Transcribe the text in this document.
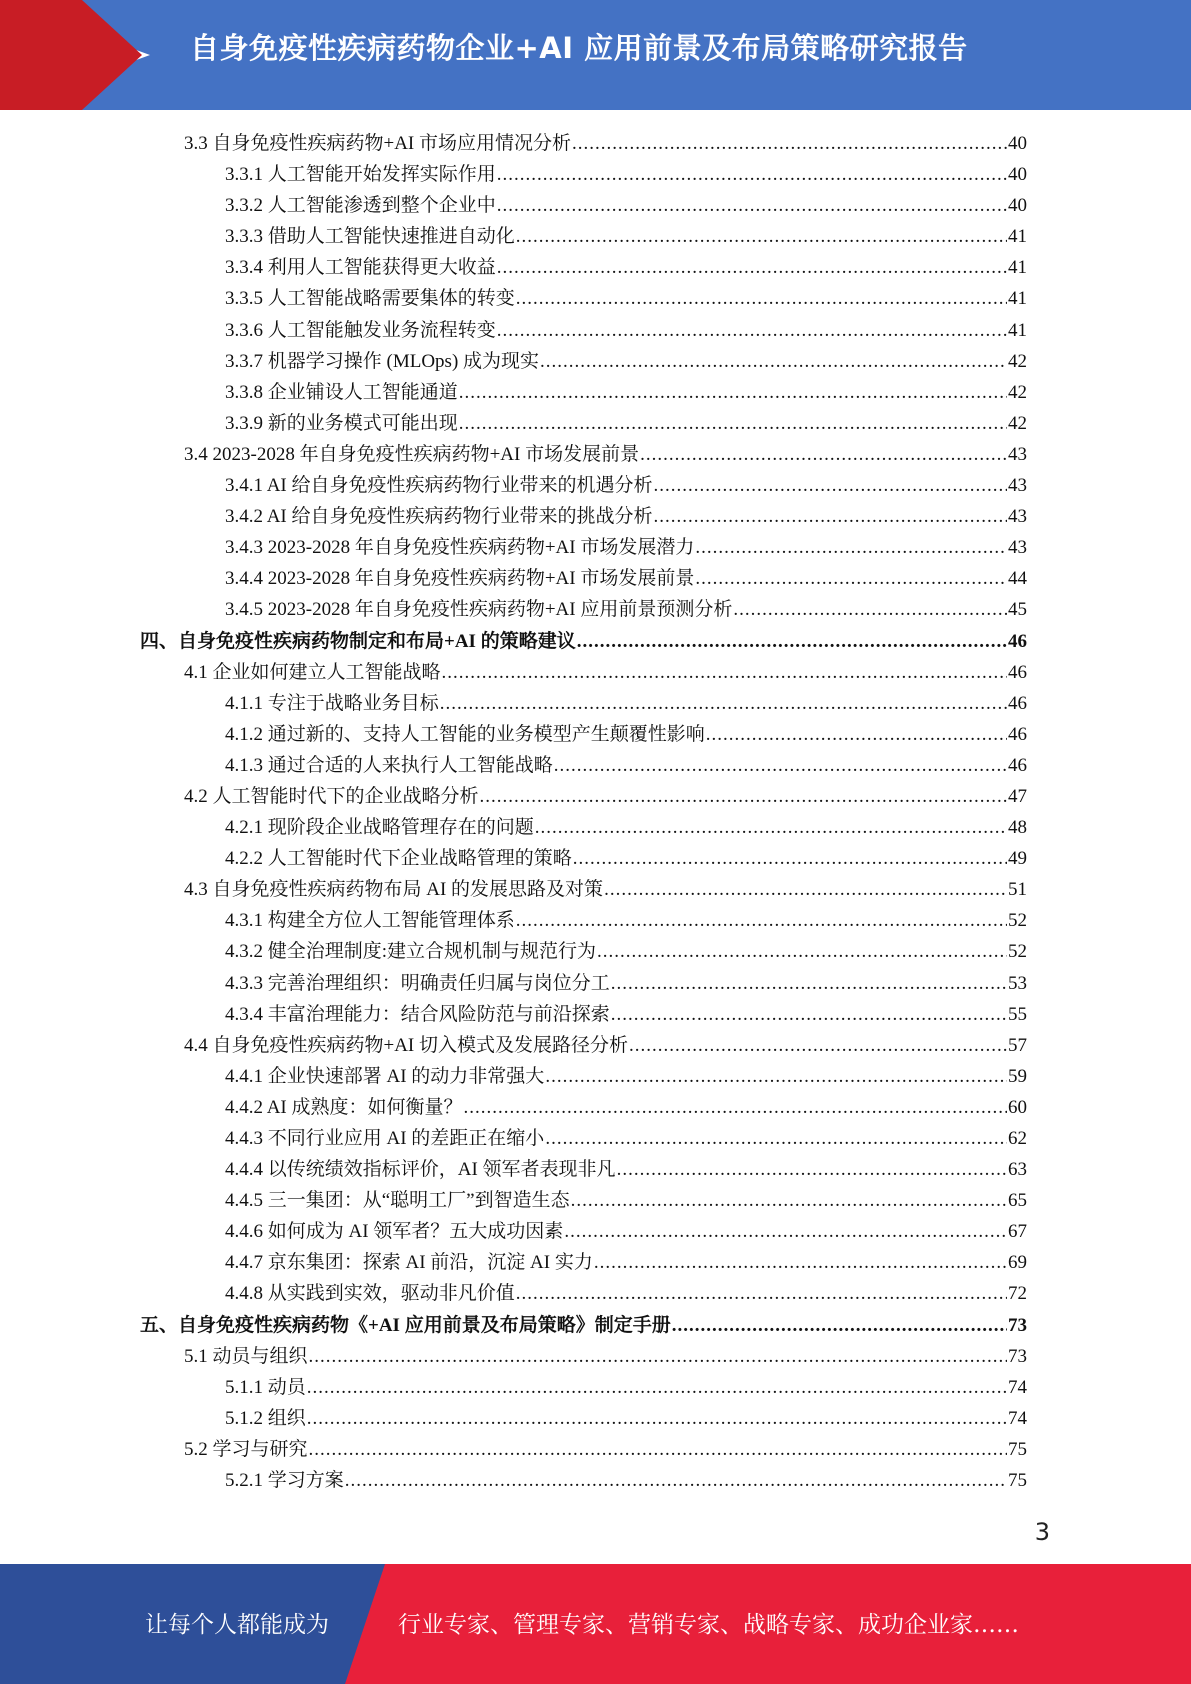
自身免疫性疾病药物企业+AI 应用前景及布局策略研究报告
3.3 自身免疫性疾病药物+AI 市场应用情况分析 .....	40
3.3.1 人工智能开始发挥实际作用 .....	40
3.3.2 人工智能渗透到整个企业中 .....	40
3.3.3 借助人工智能快速推进自动化 .....	41
3.3.4 利用人工智能获得更大收益 .....	41
3.3.5 人工智能战略需要集体的转变 .....	41
3.3.6 人工智能触发业务流程转变 .....	41
3.3.7 机器学习操作 (MLOps) 成为现实 .....	42
3.3.8 企业铺设人工智能通道 .....	42
3.3.9 新的业务模式可能出现 .....	42
3.4 2023-2028 年自身免疫性疾病药物+AI 市场发展前景 .....	43
3.4.1 AI 给自身免疫性疾病药物行业带来的机遇分析 .....	43
3.4.2 AI 给自身免疫性疾病药物行业带来的挑战分析 .....	43
3.4.3 2023-2028 年自身免疫性疾病药物+AI 市场发展潜力 .....	43
3.4.4 2023-2028 年自身免疫性疾病药物+AI 市场发展前景 .....	44
3.4.5 2023-2028 年自身免疫性疾病药物+AI 应用前景预测分析 .....	45
四、自身免疫性疾病药物制定和布局+AI 的策略建议 .....	46
4.1 企业如何建立人工智能战略 .....	46
4.1.1 专注于战略业务目标 .....	46
4.1.2 通过新的、支持人工智能的业务模型产生颠覆性影响 .....	46
4.1.3 通过合适的人来执行人工智能战略 .....	46
4.2 人工智能时代下的企业战略分析 .....	47
4.2.1 现阶段企业战略管理存在的问题 .....	48
4.2.2 人工智能时代下企业战略管理的策略 .....	49
4.3 自身免疫性疾病药物布局 AI 的发展思路及对策 .....	51
4.3.1 构建全方位人工智能管理体系 .....	52
4.3.2 健全治理制度:建立合规机制与规范行为 .....	52
4.3.3 完善治理组织：明确责任归属与岗位分工 .....	53
4.3.4 丰富治理能力：结合风险防范与前沿探索 .....	55
4.4 自身免疫性疾病药物+AI 切入模式及发展路径分析 .....	57
4.4.1 企业快速部署 AI 的动力非常强大 .....	59
4.4.2 AI 成熟度：如何衡量？ .....	60
4.4.3 不同行业应用 AI 的差距正在缩小 .....	62
4.4.4 以传统绩效指标评价，AI 领军者表现非凡 .....	63
4.4.5 三一集团：从“聪明工厂”到智造生态 .....	65
4.4.6 如何成为 AI 领军者？五大成功因素 .....	67
4.4.7 京东集团：探索 AI 前沿，沉淀 AI 实力 .....	69
4.4.8 从实践到实效，驱动非凡价值 .....	72
五、自身免疫性疾病药物《+AI 应用前景及布局策略》制定手册 .....	73
5.1 动员与组织 .....	73
5.1.1 动员 .....	74
5.1.2 组织 .....	74
5.2 学习与研究 .....	75
5.2.1 学习方案 .....	75
3
让每个人都能成为	行业专家、管理专家、营销专家、战略专家、成功企业家……
